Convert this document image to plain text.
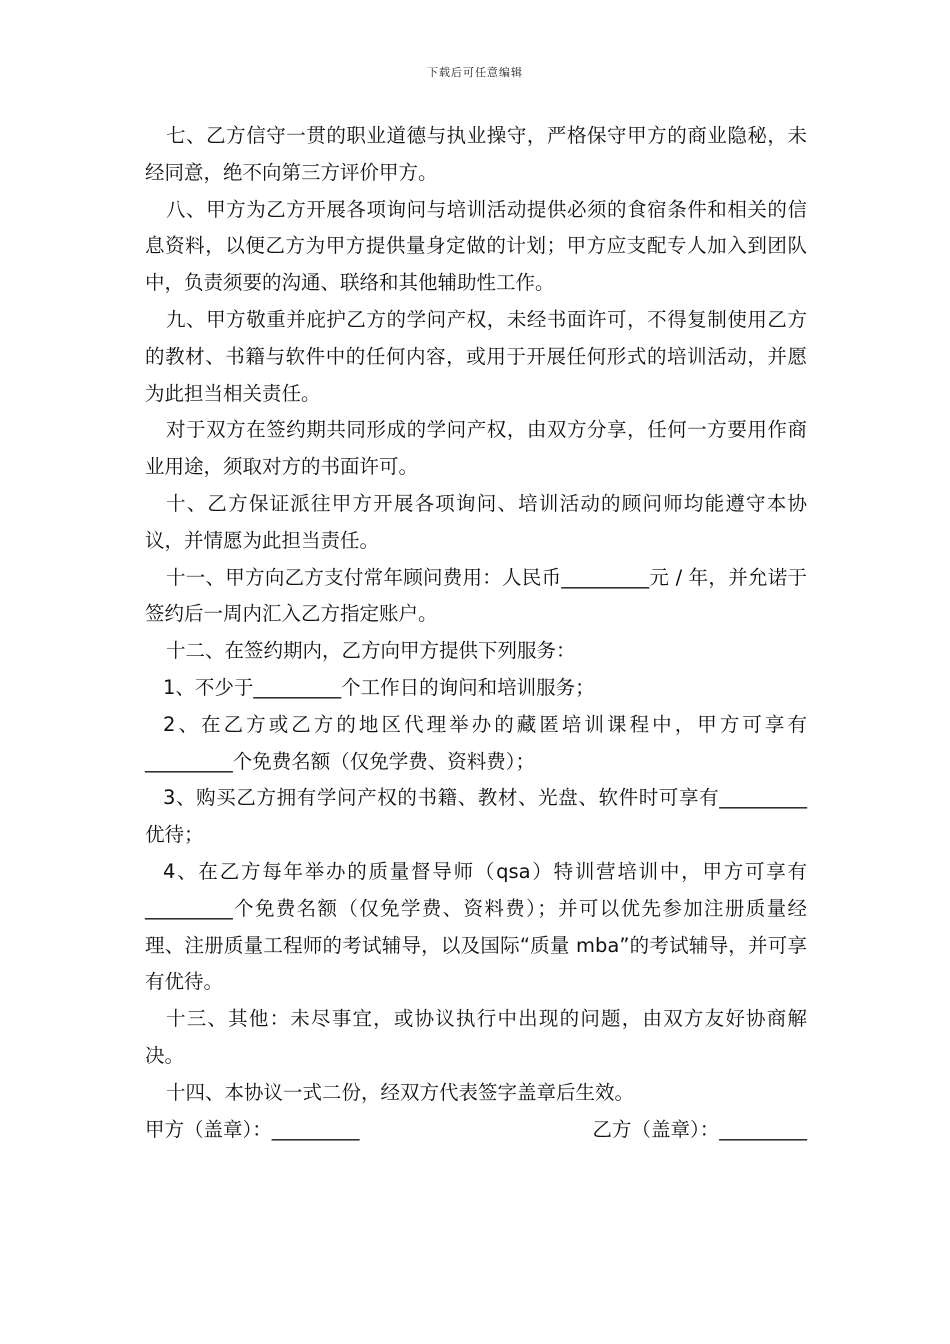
下载后可任意编辑

七、乙方信守一贯的职业道德与执业操守，严格保守甲方的商业隐秘，未经同意，绝不向第三方评价甲方。

八、甲方为乙方开展各项询问与培训活动提供必须的食宿条件和相关的信息资料，以便乙方为甲方提供量身定做的计划；甲方应支配专人加入到团队中，负责须要的沟通、联络和其他辅助性工作。

九、甲方敬重并庇护乙方的学问产权，未经书面许可，不得复制使用乙方的教材、书籍与软件中的任何内容，或用于开展任何形式的培训活动，并愿为此担当相关责任。

对于双方在签约期共同形成的学问产权，由双方分享，任何一方要用作商业用途，须取对方的书面许可。

十、乙方保证派往甲方开展各项询问、培训活动的顾问师均能遵守本协议，并情愿为此担当责任。

十一、甲方向乙方支付常年顾问费用：人民币_________元 / 年，并允诺于签约后一周内汇入乙方指定账户。

十二、在签约期内，乙方向甲方提供下列服务：

1、不少于_________个工作日的询问和培训服务；

2、在乙方或乙方的地区代理举办的藏匿培训课程中，甲方可享有_________个免费名额（仅免学费、资料费）；

3、购买乙方拥有学问产权的书籍、教材、光盘、软件时可享有_________优待；

4、在乙方每年举办的质量督导师（qsa）特训营培训中，甲方可享有_________个免费名额（仅免学费、资料费）；并可以优先参加注册质量经理、注册质量工程师的考试辅导，以及国际“质量 mba”的考试辅导，并可享有优待。

十三、其他：未尽事宜，或协议执行中出现的问题，由双方友好协商解决。

十四、本协议一式二份，经双方代表签字盖章后生效。

甲方（盖章）：_________	乙方（盖章）：_________
